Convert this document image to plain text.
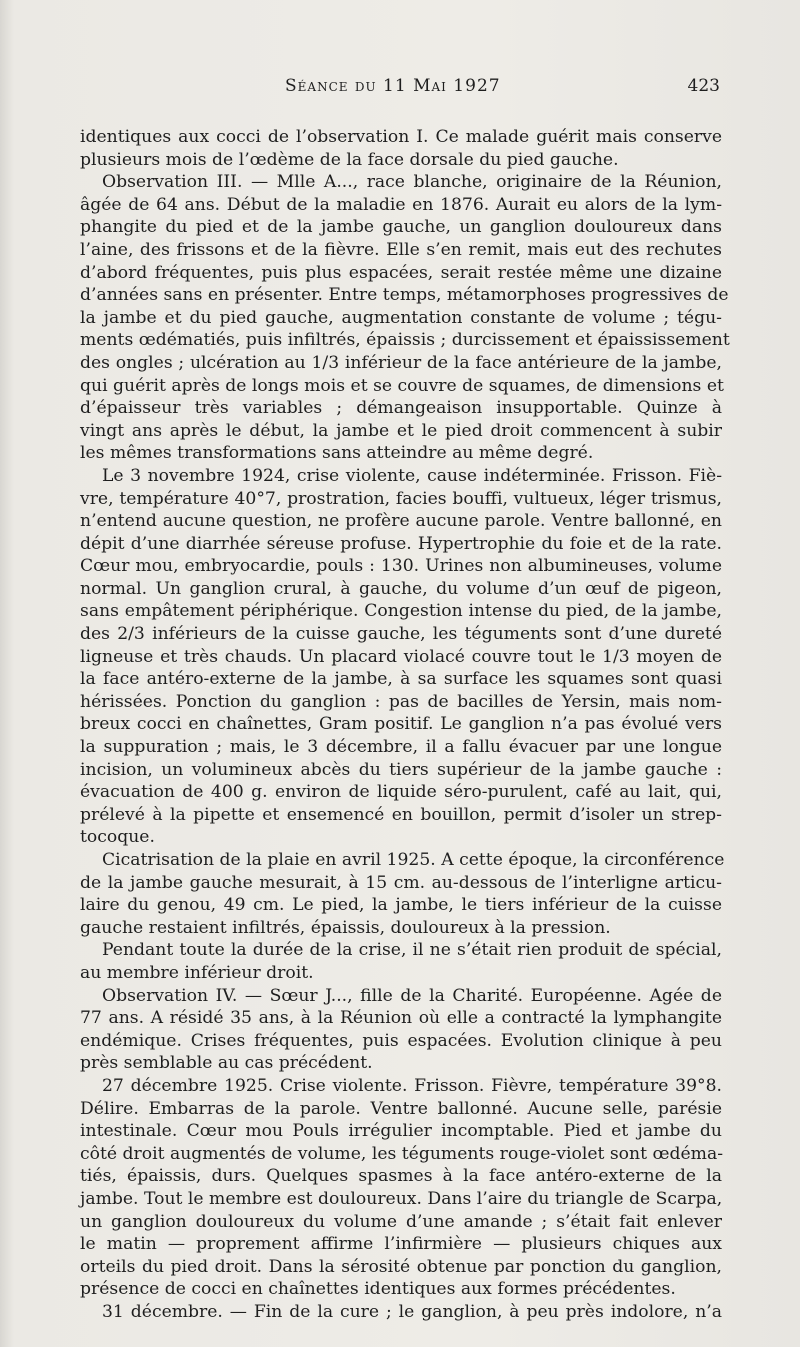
Séance du 11 Mai 1927	423
identiques aux cocci de l’observation I. Ce malade guérit mais conserve
plusieurs mois de l’œdème de la face dorsale du pied gauche.
Observation III. — Mlle A..., race blanche, originaire de la Réunion,
âgée de 64 ans. Début de la maladie en 1876. Aurait eu alors de la lym-
phangite du pied et de la jambe gauche, un ganglion douloureux dans
l’aine, des frissons et de la fièvre. Elle s’en remit, mais eut des rechutes
d’abord fréquentes, puis plus espacées, serait restée même une dizaine
d’années sans en présenter. Entre temps, métamorphoses progressives de
la jambe et du pied gauche, augmentation constante de volume ; tégu-
ments œdématiés, puis infiltrés, épaissis ; durcissement et épaississement
des ongles ; ulcération au 1/3 inférieur de la face antérieure de la jambe,
qui guérit après de longs mois et se couvre de squames, de dimensions et
d’épaisseur très variables ; démangeaison insupportable. Quinze à
vingt ans après le début, la jambe et le pied droit commencent à subir
les mêmes transformations sans atteindre au même degré.
Le 3 novembre 1924, crise violente, cause indéterminée. Frisson. Fiè-
vre, température 40°7, prostration, facies bouffi, vultueux, léger trismus,
n’entend aucune question, ne profère aucune parole. Ventre ballonné, en
dépit d’une diarrhée séreuse profuse. Hypertrophie du foie et de la rate.
Cœur mou, embryocardie, pouls : 130. Urines non albumineuses, volume
normal. Un ganglion crural, à gauche, du volume d’un œuf de pigeon,
sans empâtement périphérique. Congestion intense du pied, de la jambe,
des 2/3 inférieurs de la cuisse gauche, les téguments sont d’une dureté
ligneuse et très chauds. Un placard violacé couvre tout le 1/3 moyen de
la face antéro-externe de la jambe, à sa surface les squames sont quasi
hérissées. Ponction du ganglion : pas de bacilles de Yersin, mais nom-
breux cocci en chaînettes, Gram positif. Le ganglion n’a pas évolué vers
la suppuration ; mais, le 3 décembre, il a fallu évacuer par une longue
incision, un volumineux abcès du tiers supérieur de la jambe gauche :
évacuation de 400 g. environ de liquide séro-purulent, café au lait, qui,
prélevé à la pipette et ensemencé en bouillon, permit d’isoler un strep-
tocoque.
Cicatrisation de la plaie en avril 1925. A cette époque, la circonférence
de la jambe gauche mesurait, à 15 cm. au-dessous de l’interligne articu-
laire du genou, 49 cm. Le pied, la jambe, le tiers inférieur de la cuisse
gauche restaient infiltrés, épaissis, douloureux à la pression.
Pendant toute la durée de la crise, il ne s’était rien produit de spécial,
au membre inférieur droit.
Observation IV. — Sœur J..., fille de la Charité. Européenne. Agée de
77 ans. A résidé 35 ans, à la Réunion où elle a contracté la lymphangite
endémique. Crises fréquentes, puis espacées. Evolution clinique à peu
près semblable au cas précédent.
27 décembre 1925. Crise violente. Frisson. Fièvre, température 39°8.
Délire. Embarras de la parole. Ventre ballonné. Aucune selle, parésie
intestinale. Cœur mou Pouls irrégulier incomptable. Pied et jambe du
côté droit augmentés de volume, les téguments rouge-violet sont œdéma-
tiés, épaissis, durs. Quelques spasmes à la face antéro-externe de la
jambe. Tout le membre est douloureux. Dans l’aire du triangle de Scarpa,
un ganglion douloureux du volume d’une amande ; s’était fait enlever
le matin — proprement affirme l’infirmière — plusieurs chiques aux
orteils du pied droit. Dans la sérosité obtenue par ponction du ganglion,
présence de cocci en chaînettes identiques aux formes précédentes.
31 décembre. — Fin de la cure ; le ganglion, à peu près indolore, n’a
